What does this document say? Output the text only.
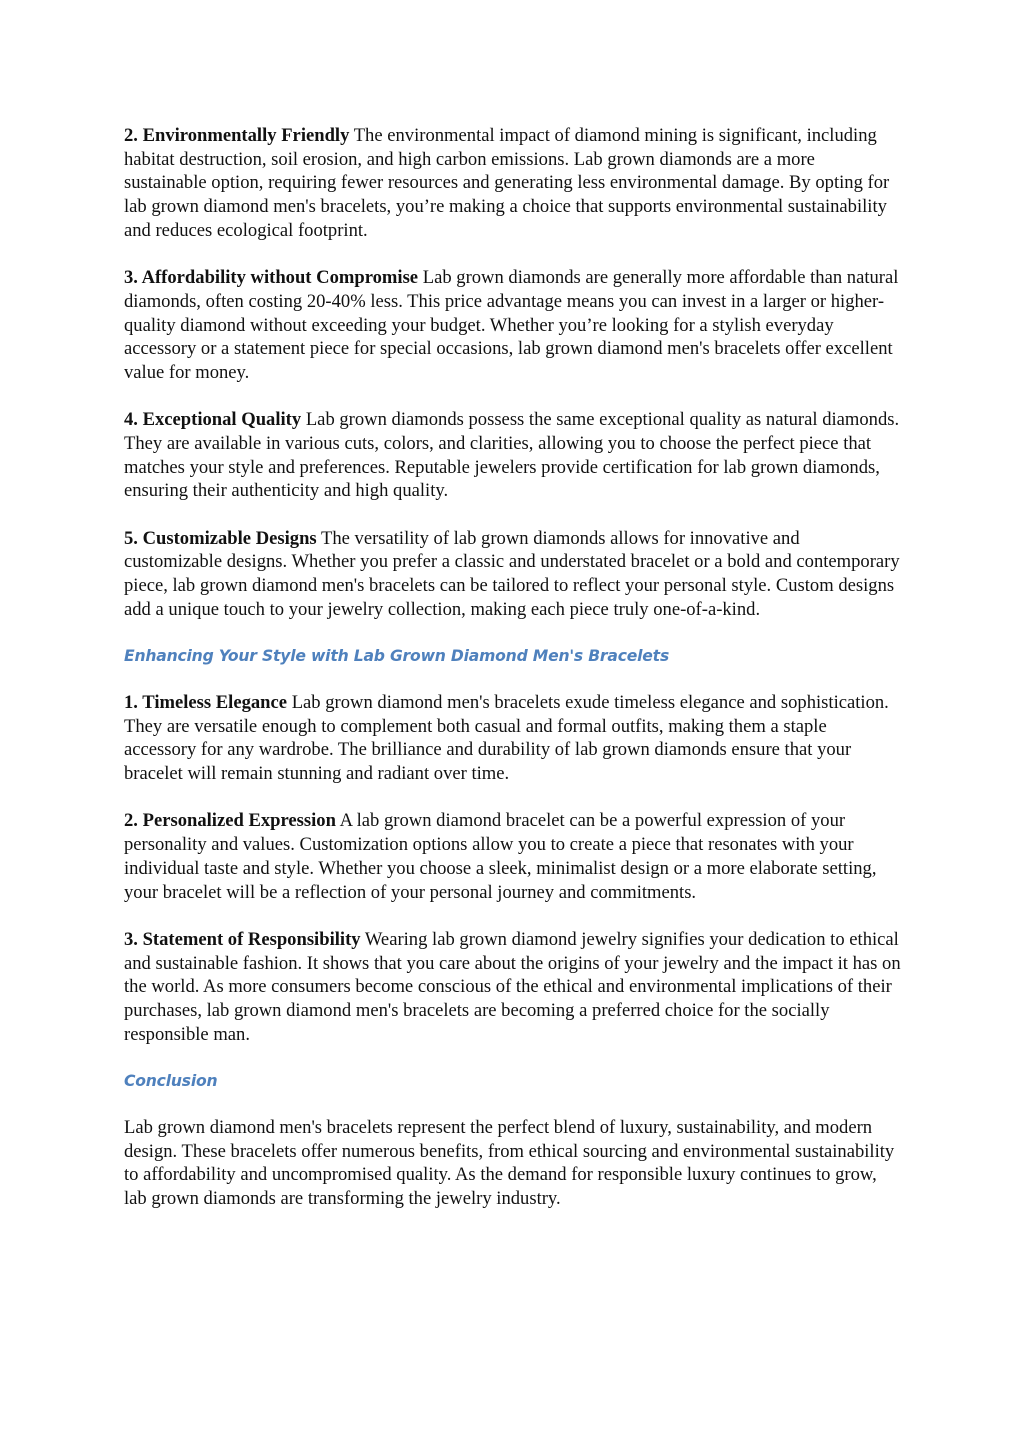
2. Environmentally Friendly The environmental impact of diamond mining is significant, including habitat destruction, soil erosion, and high carbon emissions. Lab grown diamonds are a more sustainable option, requiring fewer resources and generating less environmental damage. By opting for lab grown diamond men's bracelets, you’re making a choice that supports environmental sustainability and reduces ecological footprint.

3. Affordability without Compromise Lab grown diamonds are generally more affordable than natural diamonds, often costing 20-40% less. This price advantage means you can invest in a larger or higher-quality diamond without exceeding your budget. Whether you’re looking for a stylish everyday accessory or a statement piece for special occasions, lab grown diamond men's bracelets offer excellent value for money.

4. Exceptional Quality Lab grown diamonds possess the same exceptional quality as natural diamonds. They are available in various cuts, colors, and clarities, allowing you to choose the perfect piece that matches your style and preferences. Reputable jewelers provide certification for lab grown diamonds, ensuring their authenticity and high quality.

5. Customizable Designs The versatility of lab grown diamonds allows for innovative and customizable designs. Whether you prefer a classic and understated bracelet or a bold and contemporary piece, lab grown diamond men's bracelets can be tailored to reflect your personal style. Custom designs add a unique touch to your jewelry collection, making each piece truly one-of-a-kind.

Enhancing Your Style with Lab Grown Diamond Men's Bracelets

1. Timeless Elegance Lab grown diamond men's bracelets exude timeless elegance and sophistication. They are versatile enough to complement both casual and formal outfits, making them a staple accessory for any wardrobe. The brilliance and durability of lab grown diamonds ensure that your bracelet will remain stunning and radiant over time.

2. Personalized Expression A lab grown diamond bracelet can be a powerful expression of your personality and values. Customization options allow you to create a piece that resonates with your individual taste and style. Whether you choose a sleek, minimalist design or a more elaborate setting, your bracelet will be a reflection of your personal journey and commitments.

3. Statement of Responsibility Wearing lab grown diamond jewelry signifies your dedication to ethical and sustainable fashion. It shows that you care about the origins of your jewelry and the impact it has on the world. As more consumers become conscious of the ethical and environmental implications of their purchases, lab grown diamond men's bracelets are becoming a preferred choice for the socially responsible man.

Conclusion

Lab grown diamond men's bracelets represent the perfect blend of luxury, sustainability, and modern design. These bracelets offer numerous benefits, from ethical sourcing and environmental sustainability to affordability and uncompromised quality. As the demand for responsible luxury continues to grow, lab grown diamonds are transforming the jewelry industry.
